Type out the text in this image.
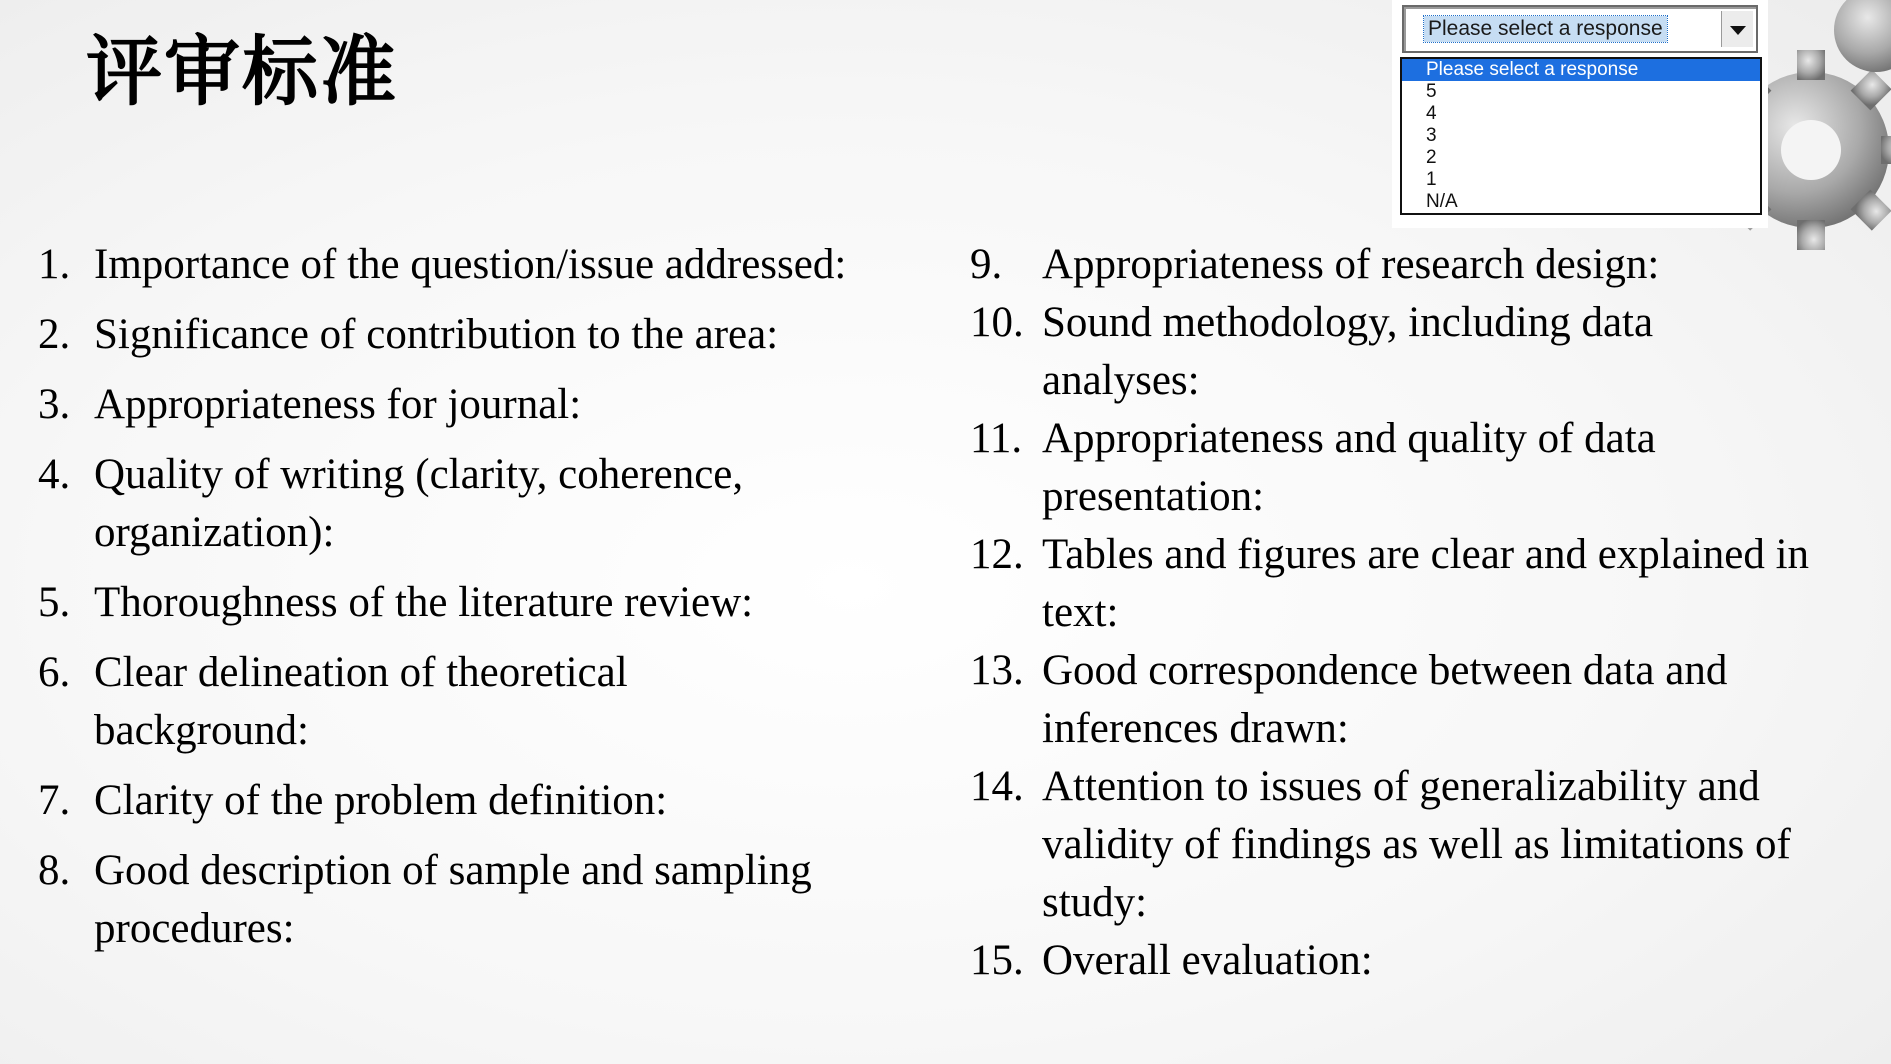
评审标准	Please select a response
Please select a response
5
4
3
2
1
N/A
1. Importance of the question/issue addressed:
2. Significance of contribution to the area:
3. Appropriateness for journal:
4. Quality of writing (clarity, coherence, organization):
5. Thoroughness of the literature review:
6. Clear delineation of theoretical background:
7. Clarity of the problem definition:
8. Good description of sample and sampling procedures:
9. Appropriateness of research design:
10. Sound methodology, including data analyses:
11. Appropriateness and quality of data presentation:
12. Tables and figures are clear and explained in text:
13. Good correspondence between data and inferences drawn:
14. Attention to issues of generalizability and validity of findings as well as limitations of study:
15. Overall evaluation:
